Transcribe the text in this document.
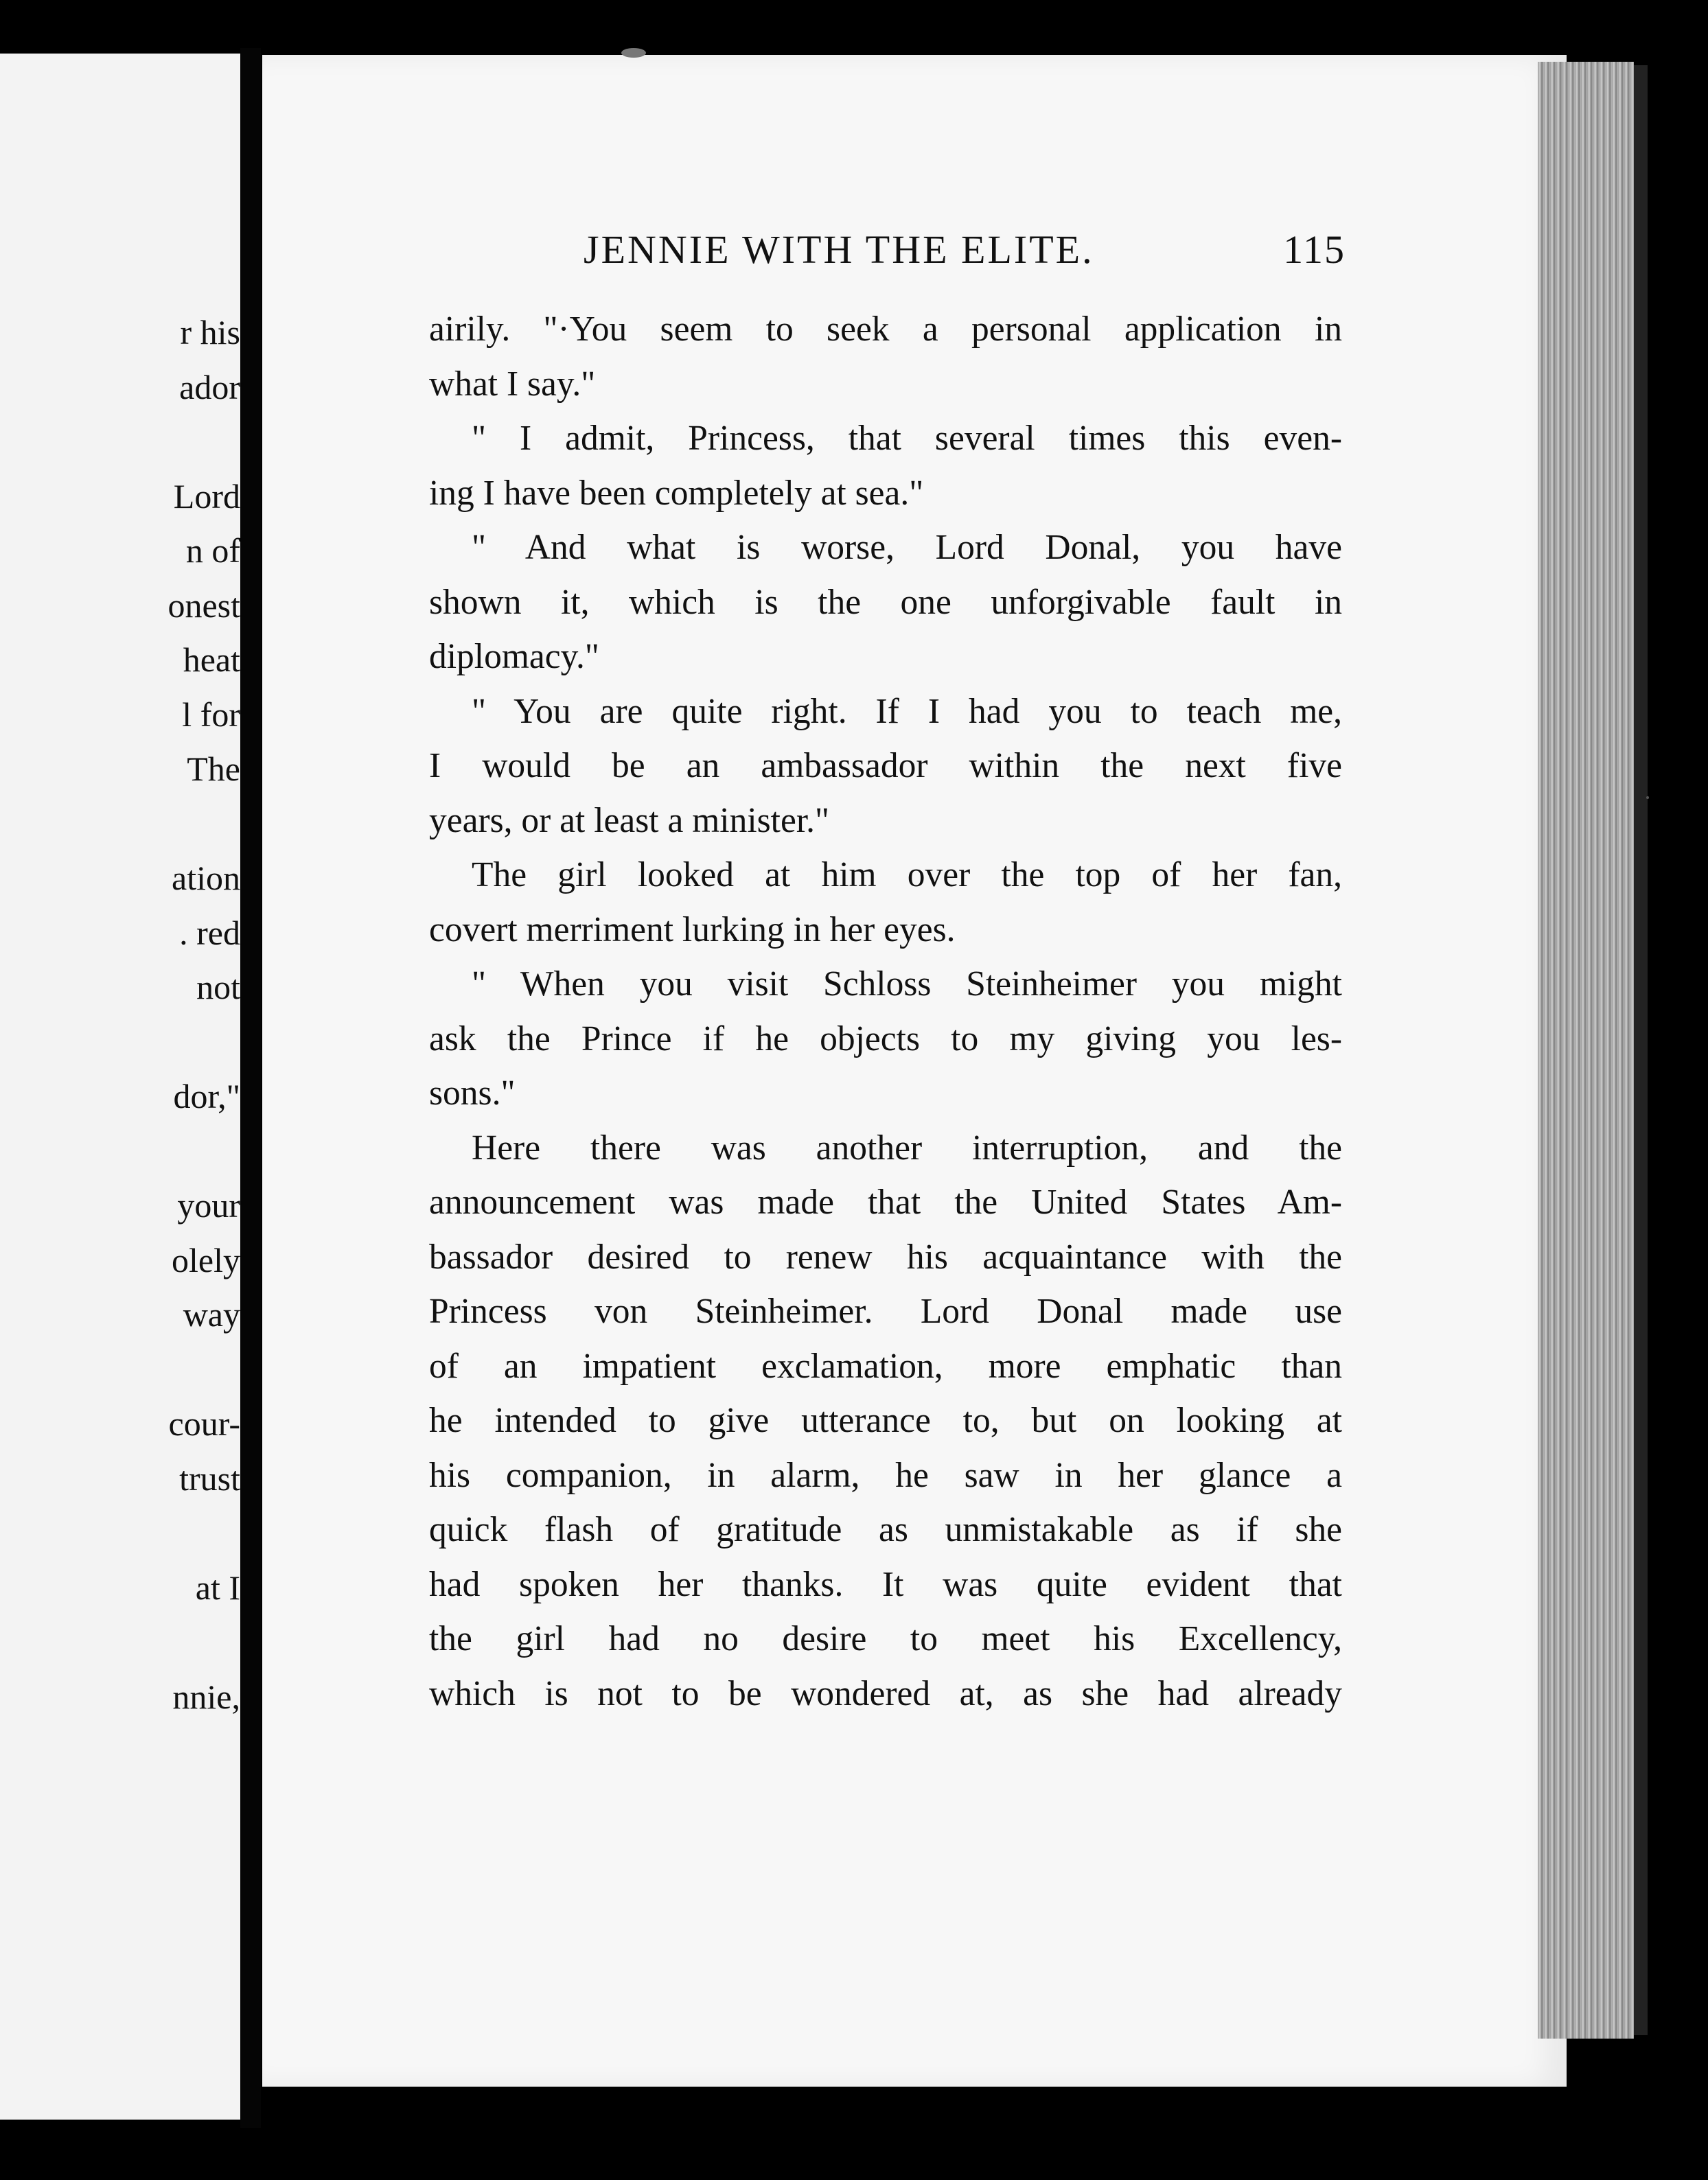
r his
ador
Lord
n of
onest
heat
l for
The
ation
. red
not
dor,"
your
olely
way
cour-
trust
at I
nnie,
JENNIE WITH THE ELITE.	115
airily. "·You seem to seek a personal application in
what I say."
" I admit, Princess, that several times this even-
ing I have been completely at sea."
" And what is worse, Lord Donal, you have
shown it, which is the one unforgivable fault in
diplomacy."
" You are quite right. If I had you to teach me,
I would be an ambassador within the next five
years, or at least a minister."
The girl looked at him over the top of her fan,
covert merriment lurking in her eyes.
" When you visit Schloss Steinheimer you might
ask the Prince if he objects to my giving you les-
sons."
Here there was another interruption, and the
announcement was made that the United States Am-
bassador desired to renew his acquaintance with the
Princess von Steinheimer. Lord Donal made use
of an impatient exclamation, more emphatic than
he intended to give utterance to, but on looking at
his companion, in alarm, he saw in her glance a
quick flash of gratitude as unmistakable as if she
had spoken her thanks. It was quite evident that
the girl had no desire to meet his Excellency,
which is not to be wondered at, as she had already
